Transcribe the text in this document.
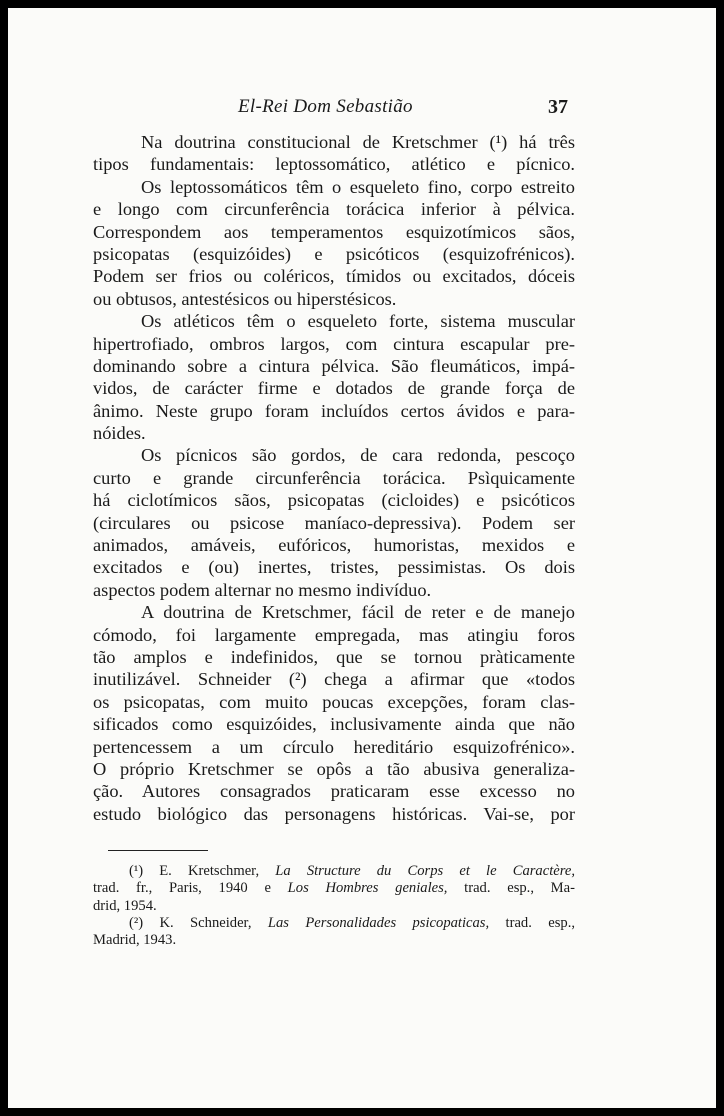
El-Rei Dom Sebastião	37
Na doutrina constitucional de Kretschmer (¹) há três
tipos fundamentais: leptossomático, atlético e pícnico.
Os leptossomáticos têm o esqueleto fino, corpo estreito
e longo com circunferência torácica inferior à pélvica.
Correspondem aos temperamentos esquizotímicos sãos,
psicopatas (esquizóides) e psicóticos (esquizofrénicos).
Podem ser frios ou coléricos, tímidos ou excitados, dóceis
ou obtusos, antestésicos ou hiperstésicos.
Os atléticos têm o esqueleto forte, sistema muscular
hipertrofiado, ombros largos, com cintura escapular pre-
dominando sobre a cintura pélvica. São fleumáticos, impá-
vidos, de carácter firme e dotados de grande força de
ânimo. Neste grupo foram incluídos certos ávidos e para-
nóides.
Os pícnicos são gordos, de cara redonda, pescoço
curto e grande circunferência torácica. Psìquicamente
há ciclotímicos sãos, psicopatas (cicloides) e psicóticos
(circulares ou psicose maníaco-depressiva). Podem ser
animados, amáveis, eufóricos, humoristas, mexidos e
excitados e (ou) inertes, tristes, pessimistas. Os dois
aspectos podem alternar no mesmo indivíduo.
A doutrina de Kretschmer, fácil de reter e de manejo
cómodo, foi largamente empregada, mas atingiu foros
tão amplos e indefinidos, que se tornou pràticamente
inutilizável. Schneider (²) chega a afirmar que «todos
os psicopatas, com muito poucas excepções, foram clas-
sificados como esquizóides, inclusivamente ainda que não
pertencessem a um círculo hereditário esquizofrénico».
O próprio Kretschmer se opôs a tão abusiva generaliza-
ção. Autores consagrados praticaram esse excesso no
estudo biológico das personagens históricas. Vai-se, por
(¹) E. Kretschmer, La Structure du Corps et le Caractère,
trad. fr., Paris, 1940 e Los Hombres geniales, trad. esp., Ma-
drid, 1954.
(²) K. Schneider, Las Personalidades psicopaticas, trad. esp.,
Madrid, 1943.
